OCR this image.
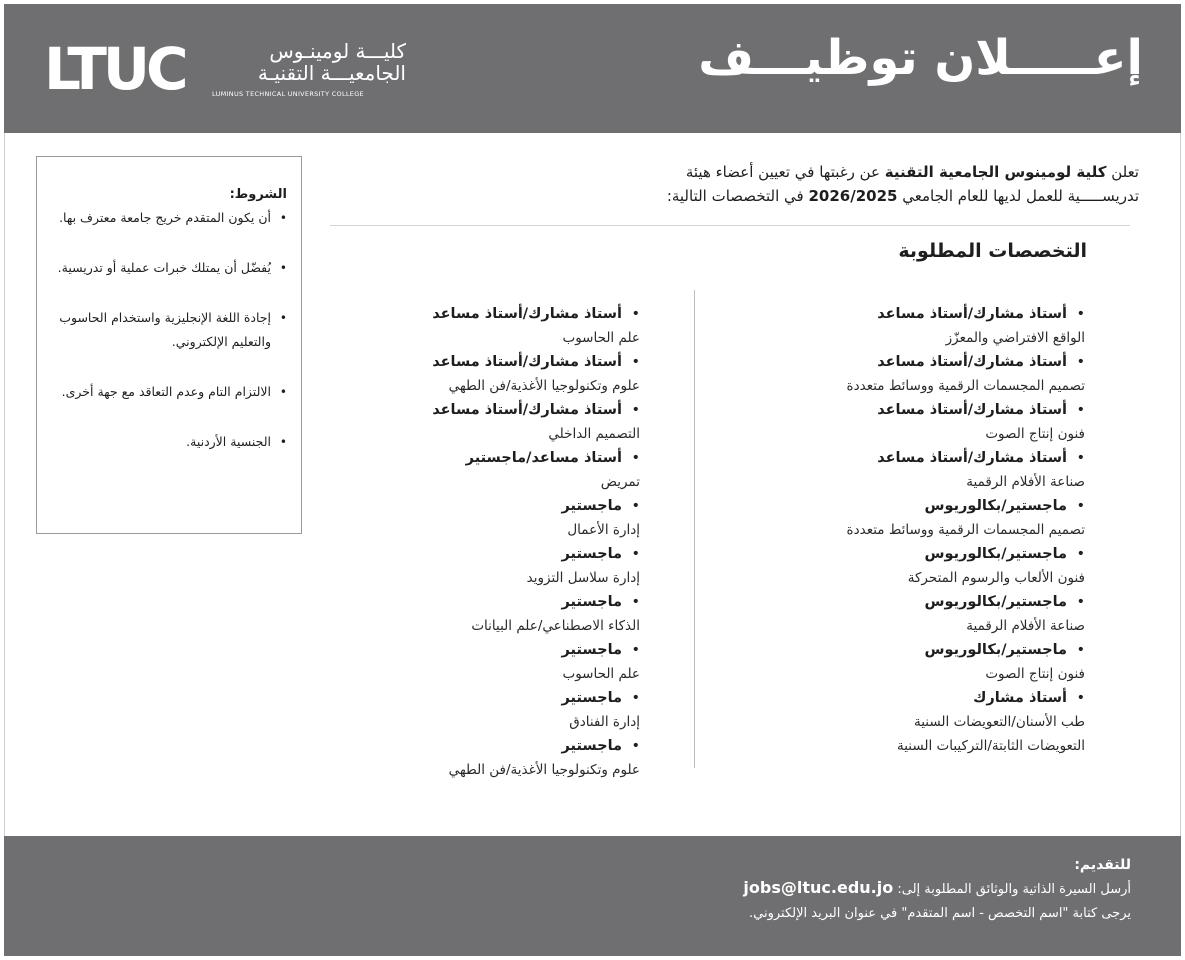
LTUC	كليـــة لومينـوس
الجامعيـــة التقنيـة
LUMINUS TECHNICAL UNIVERSITY COLLEGE
إعـــــلان توظيـــف
تعلن كلية لومينوس الجامعية التقنية عن رغبتها في تعيين أعضاء هيئة
تدريســـــية للعمل لديها للعام الجامعي 2026/2025 في التخصصات التالية:
التخصصات المطلوبة
الشروط:
•
أن يكون المتقدم خريج جامعة معترف بها.
•
يُفضّل أن يمتلك خبرات عملية أو تدريسية.
•
إجادة اللغة الإنجليزية واستخدام الحاسوب والتعليم الإلكتروني.
•
الالتزام التام وعدم التعاقد مع جهة أخرى.
•
الجنسية الأردنية.
•
أستاذ مشارك/أستاذ مساعد
الواقع الافتراضي والمعزّز
•
أستاذ مشارك/أستاذ مساعد
تصميم المجسمات الرقمية ووسائط متعددة
•
أستاذ مشارك/أستاذ مساعد
فنون إنتاج الصوت
•
أستاذ مشارك/أستاذ مساعد
صناعة الأفلام الرقمية
•
ماجستير/بكالوريوس
تصميم المجسمات الرقمية ووسائط متعددة
•
ماجستير/بكالوريوس
فنون الألعاب والرسوم المتحركة
•
ماجستير/بكالوريوس
صناعة الأفلام الرقمية
•
ماجستير/بكالوريوس
فنون إنتاج الصوت
•
أستاذ مشارك
طب الأسنان/التعويضات السنية
التعويضات الثابتة/التركيبات السنية
•
أستاذ مشارك/أستاذ مساعد
علم الحاسوب
•
أستاذ مشارك/أستاذ مساعد
علوم وتكنولوجيا الأغذية/فن الطهي
•
أستاذ مشارك/أستاذ مساعد
التصميم الداخلي
•
أستاذ مساعد/ماجستير
تمريض
•
ماجستير
إدارة الأعمال
•
ماجستير
إدارة سلاسل التزويد
•
ماجستير
الذكاء الاصطناعي/علم البيانات
•
ماجستير
علم الحاسوب
•
ماجستير
إدارة الفنادق
•
ماجستير
علوم وتكنولوجيا الأغذية/فن الطهي
للتقديم:
أرسل السيرة الذاتية والوثائق المطلوبة إلى: jobs@ltuc.edu.jo
يرجى كتابة "اسم التخصص - اسم المتقدم" في عنوان البريد الإلكتروني.
